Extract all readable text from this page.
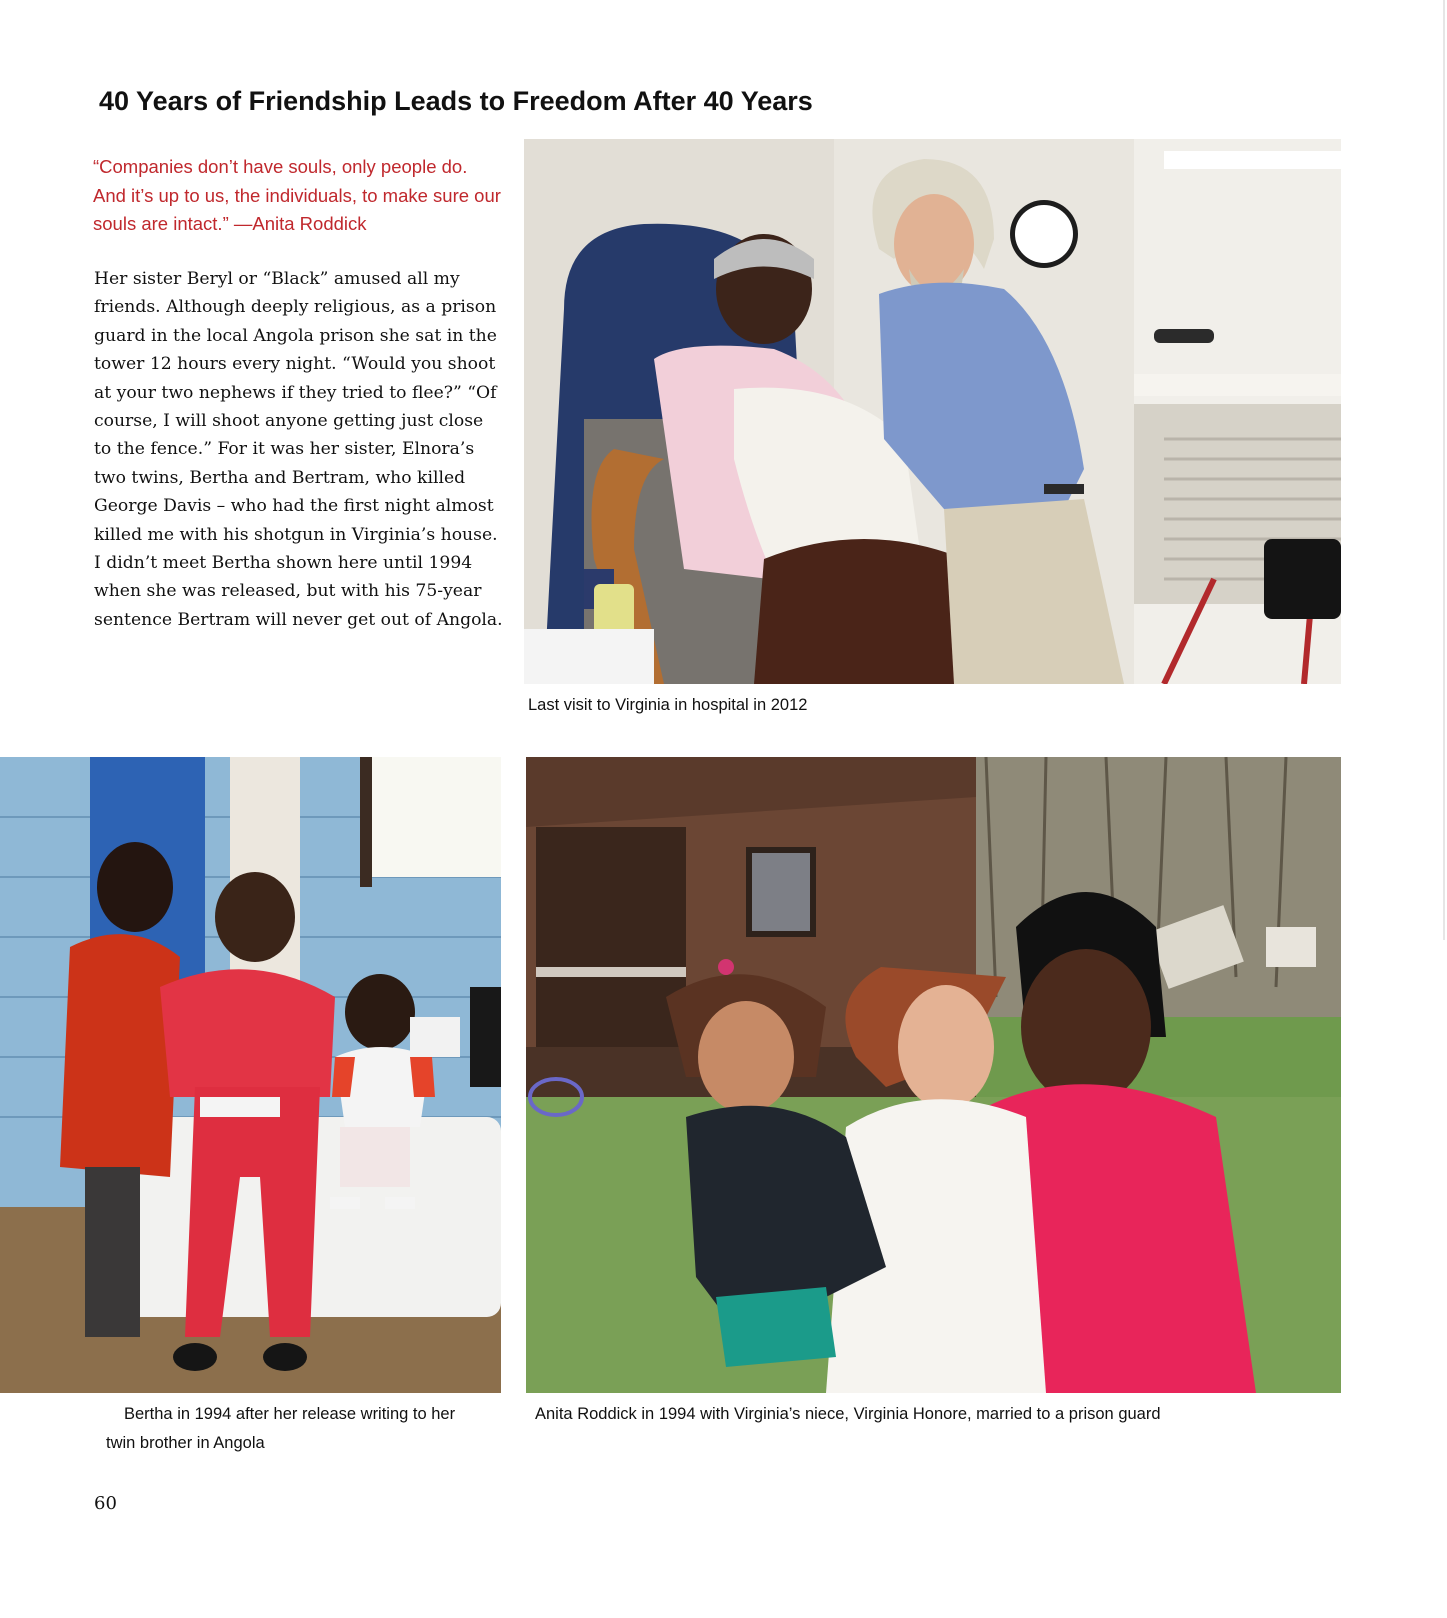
40 Years of Friendship Leads to Freedom After 40 Years

“Companies don’t have souls, only people do. And it’s up to us, the individuals, to make sure our souls are intact.” —Anita Roddick

Her sister Beryl or “Black” amused all my friends. Although deeply religious, as a prison guard in the local Angola prison she sat in the tower 12 hours every night. “Would you shoot at your two nephews if they tried to flee?” “Of course, I will shoot anyone getting just close to the fence.” For it was her sister, Elnora’s two twins, Bertha and Bertram, who killed George Davis – who had the first night almost killed me with his shotgun in Virginia’s house. I didn’t meet Bertha shown here until 1994 when she was released, but with his 75-year sentence Bertram will never get out of Angola.

Last visit to Virginia in hospital in 2012
Bertha in 1994 after her release writing to her twin brother in Angola
Anita Roddick in 1994 with Virginia’s niece, Virginia Honore, married to a prison guard
60
